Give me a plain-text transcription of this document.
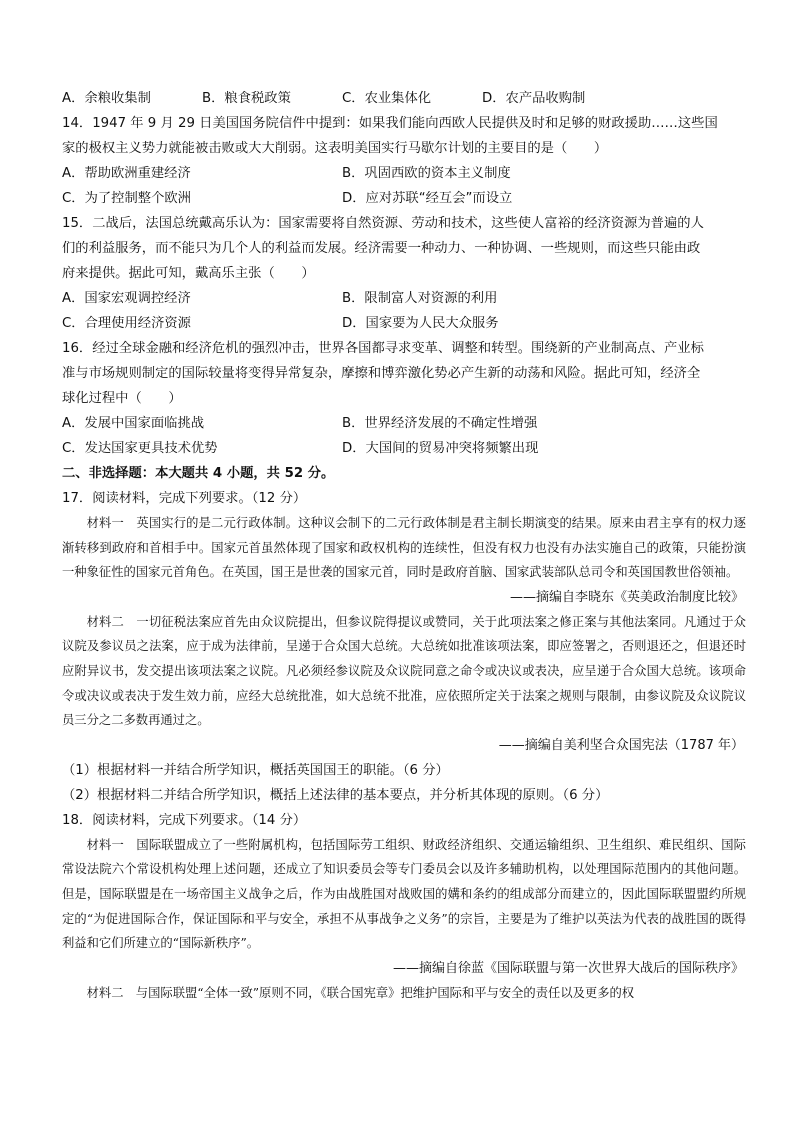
A．余粮收集制	B．粮食税政策	C．农业集体化	D．农产品收购制
14．1947 年 9 月 29 日美国国务院信件中提到：如果我们能向西欧人民提供及时和足够的财政援助……这些国
家的极权主义势力就能被击败或大大削弱。这表明美国实行马歇尔计划的主要目的是（　　）
A．帮助欧洲重建经济	B．巩固西欧的资本主义制度
C．为了控制整个欧洲	D．应对苏联“经互会”而设立
15．二战后，法国总统戴高乐认为：国家需要将自然资源、劳动和技术，这些使人富裕的经济资源为普遍的人
们的利益服务，而不能只为几个人的利益而发展。经济需要一种动力、一种协调、一些规则，而这些只能由政
府来提供。据此可知，戴高乐主张（　　）
A．国家宏观调控经济	B．限制富人对资源的利用
C．合理使用经济资源	D．国家要为人民大众服务
16．经过全球金融和经济危机的强烈冲击，世界各国都寻求变革、调整和转型。围绕新的产业制高点、产业标
准与市场规则制定的国际较量将变得异常复杂，摩擦和博弈激化势必产生新的动荡和风险。据此可知，经济全
球化过程中（　　）
A．发展中国家面临挑战	B．世界经济发展的不确定性增强
C．发达国家更具技术优势	D．大国间的贸易冲突将频繁出现
二、非选择题：本大题共 4 小题，共 52 分。
17．阅读材料，完成下列要求。（12 分）

材料一　英国实行的是二元行政体制。这种议会制下的二元行政体制是君主制长期演变的结果。原来由君主享有的权力逐渐转移到政府和首相手中。国家元首虽然体现了国家和政权机构的连续性，但没有权力也没有办法实施自己的政策，只能扮演一种象征性的国家元首角色。在英国，国王是世袭的国家元首，同时是政府首脑、国家武装部队总司令和英国国教世俗领袖。

——摘编自李晓东《英美政治制度比较》

材料二　一切征税法案应首先由众议院提出，但参议院得提议或赞同，关于此项法案之修正案与其他法案同。凡通过于众议院及参议员之法案，应于成为法律前，呈递于合众国大总统。大总统如批准该项法案，即应签署之，否则退还之，但退还时应附异议书，发交提出该项法案之议院。凡必须经参议院及众议院同意之命令或决议或表决，应呈递于合众国大总统。该项命令或决议或表决于发生效力前，应经大总统批准，如大总统不批准，应依照所定关于法案之规则与限制，由参议院及众议院议员三分之二多数再通过之。

——摘编自美利坚合众国宪法（1787 年）
（1）根据材料一并结合所学知识，概括英国国王的职能。（6 分）
（2）根据材料二并结合所学知识，概括上述法律的基本要点，并分析其体现的原则。（6 分）
18．阅读材料，完成下列要求。（14 分）

材料一　国际联盟成立了一些附属机构，包括国际劳工组织、财政经济组织、交通运输组织、卫生组织、难民组织、国际常设法院六个常设机构处理上述问题，还成立了知识委员会等专门委员会以及许多辅助机构，以处理国际范围内的其他问题。但是，国际联盟是在一场帝国主义战争之后，作为由战胜国对战败国的媾和条约的组成部分而建立的，因此国际联盟盟约所规定的“为促进国际合作，保证国际和平与安全，承担不从事战争之义务”的宗旨，主要是为了维护以英法为代表的战胜国的既得利益和它们所建立的“国际新秩序”。

——摘编自徐蓝《国际联盟与第一次世界大战后的国际秩序》

材料二　与国际联盟“全体一致”原则不同，《联合国宪章》把维护国际和平与安全的责任以及更多的权
